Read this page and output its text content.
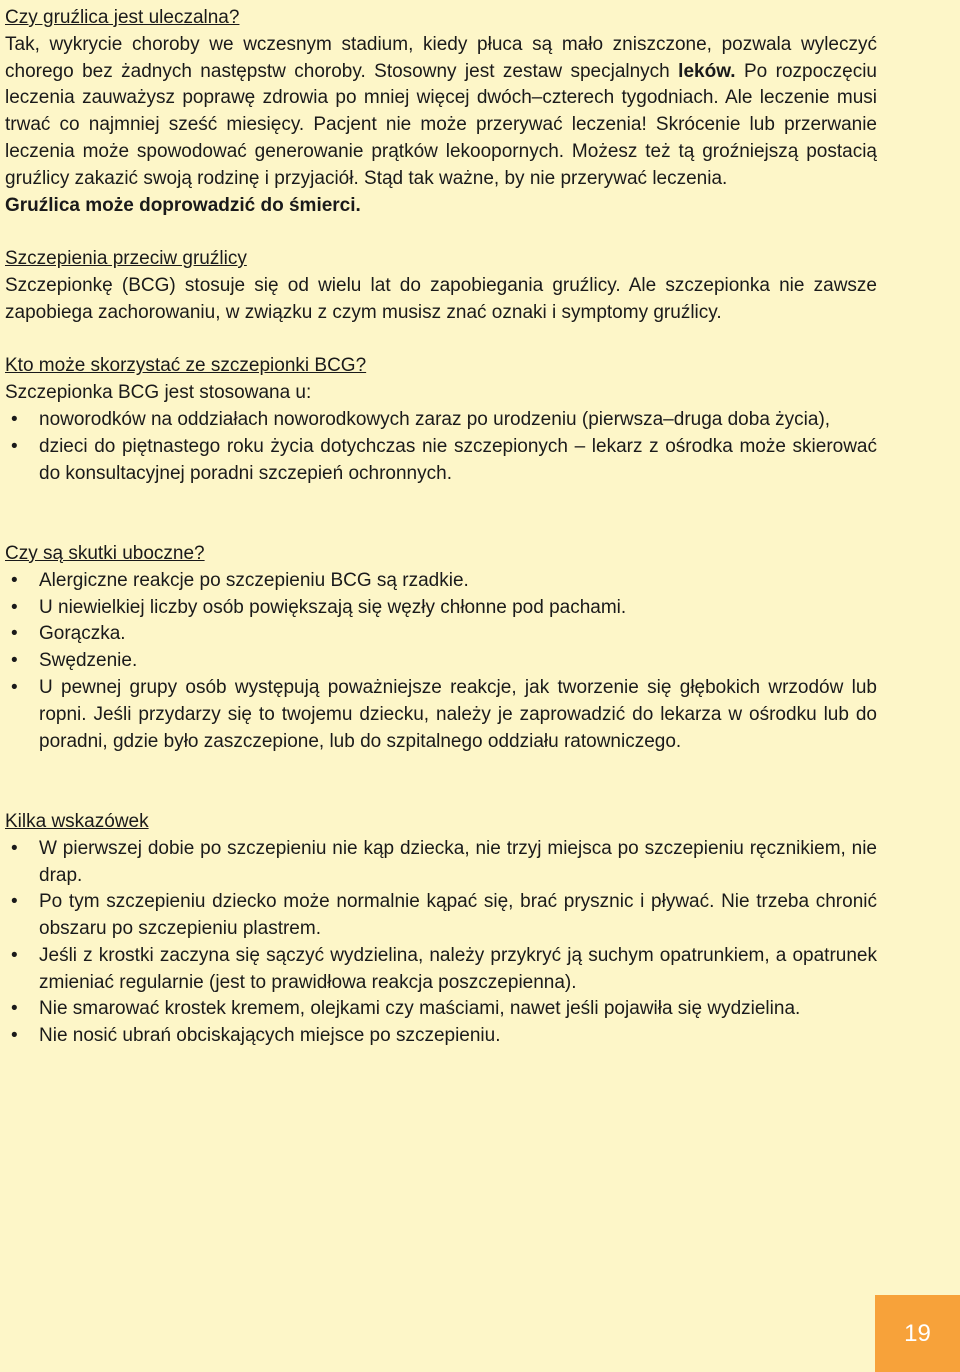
Czy gruźlica jest uleczalna?

Tak, wykrycie choroby we wczesnym stadium, kiedy płuca są mało zniszczone, pozwala wyleczyć chorego bez żadnych następstw choroby. Stosowny jest zestaw specjalnych leków. Po rozpoczęciu leczenia zauważysz poprawę zdrowia po mniej więcej dwóch–czterech tygodniach. Ale leczenie musi trwać co najmniej sześć miesięcy. Pacjent nie może przerywać leczenia! Skrócenie lub przerwanie leczenia może spowodować generowanie prątków lekoopornych. Możesz też tą groźniejszą postacią gruźlicy zakazić swoją rodzinę i przyjaciół. Stąd tak ważne, by nie przerywać leczenia.

Gruźlica może doprowadzić do śmierci.

Szczepienia przeciw gruźlicy

Szczepionkę (BCG) stosuje się od wielu lat do zapobiegania gruźlicy. Ale szczepionka nie zawsze zapobiega zachorowaniu, w związku z czym musisz znać oznaki i symptomy gruźlicy.

Kto może skorzystać ze szczepionki BCG?

Szczepionka BCG jest stosowana u:

• noworodków na oddziałach noworodkowych zaraz po urodzeniu (pierwsza–druga doba życia),
• dzieci do piętnastego roku życia dotychczas nie szczepionych – lekarz z ośrodka może skierować do konsultacyjnej poradni szczepień ochronnych.
Czy są skutki uboczne?
• Alergiczne reakcje po szczepieniu BCG są rzadkie.
• U niewielkiej liczby osób powiększają się węzły chłonne pod pachami.
• Gorączka.
• Swędzenie.
• U pewnej grupy osób występują poważniejsze reakcje, jak tworzenie się głębokich wrzodów lub ropni. Jeśli przydarzy się to twojemu dziecku, należy je zaprowadzić do lekarza w ośrodku lub do poradni, gdzie było zaszczepione, lub do szpitalnego oddziału ratowniczego.
Kilka wskazówek
• W pierwszej dobie po szczepieniu nie kąp dziecka, nie trzyj miejsca po szczepieniu ręcznikiem, nie drap.
• Po tym szczepieniu dziecko może normalnie kąpać się, brać prysznic i pływać. Nie trzeba chronić obszaru po szczepieniu plastrem.
• Jeśli z krostki zaczyna się sączyć wydzielina, należy przykryć ją suchym opatrunkiem, a opatrunek zmieniać regularnie (jest to prawidłowa reakcja poszczepienna).
• Nie smarować krostek kremem, olejkami czy maściami, nawet jeśli pojawiła się wydzielina.
• Nie nosić ubrań obciskających miejsce po szczepieniu.
19
